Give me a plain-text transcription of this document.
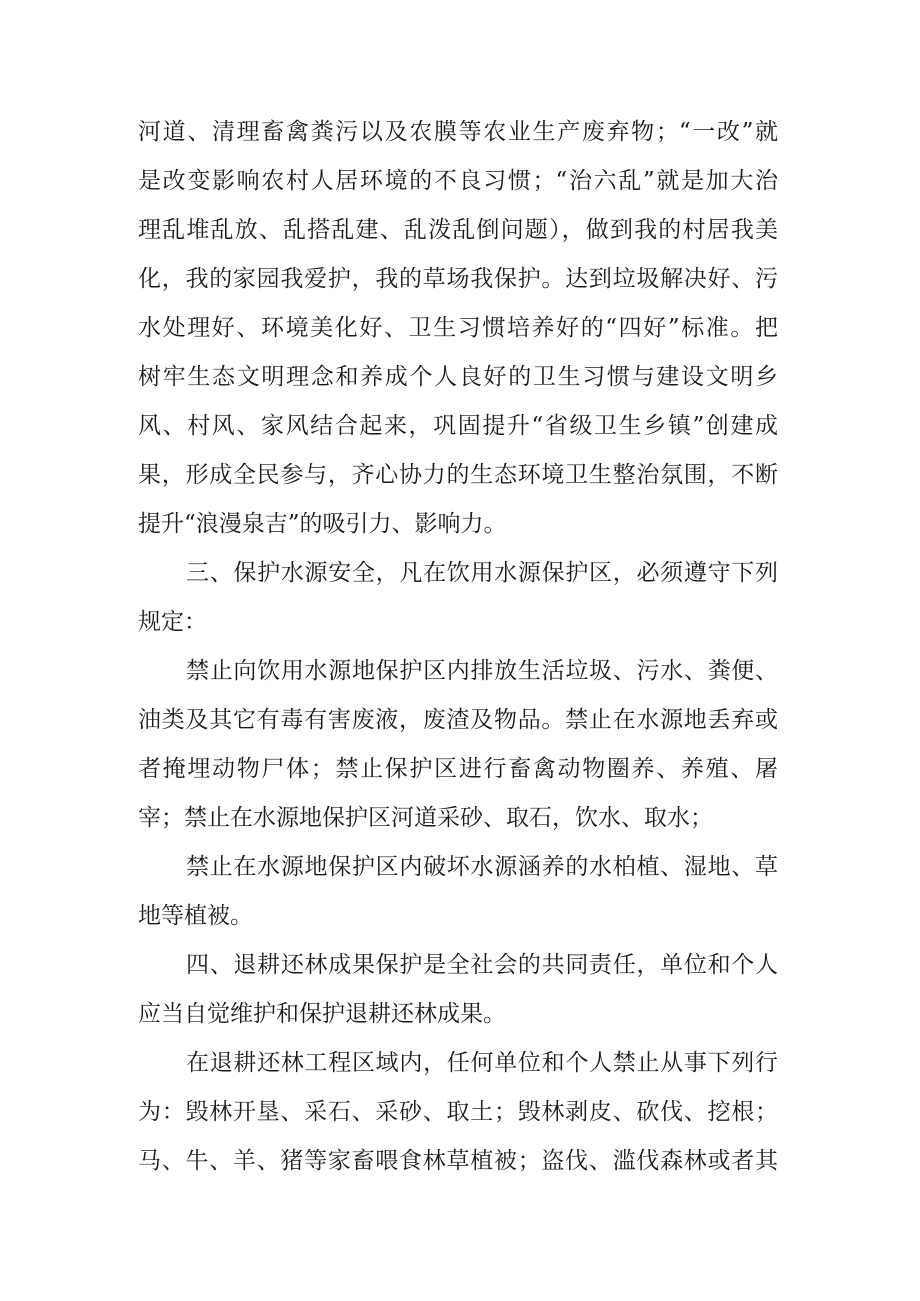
河道、清理畜禽粪污以及农膜等农业生产废弃物；“一改”就
是改变影响农村人居环境的不良习惯；“治六乱”就是加大治
理乱堆乱放、乱搭乱建、乱泼乱倒问题），做到我的村居我美
化，我的家园我爱护，我的草场我保护。达到垃圾解决好、污
水处理好、环境美化好、卫生习惯培养好的“四好”标准。把
树牢生态文明理念和养成个人良好的卫生习惯与建设文明乡
风、村风、家风结合起来，巩固提升“省级卫生乡镇”创建成
果，形成全民参与，齐心协力的生态环境卫生整治氛围，不断
提升“浪漫泉吉”的吸引力、影响力。
三、保护水源安全，凡在饮用水源保护区，必须遵守下列
规定：
禁止向饮用水源地保护区内排放生活垃圾、污水、粪便、
油类及其它有毒有害废液，废渣及物品。禁止在水源地丢弃或
者掩埋动物尸体；禁止保护区进行畜禽动物圈养、养殖、屠
宰；禁止在水源地保护区河道采砂、取石，饮水、取水；
禁止在水源地保护区内破坏水源涵养的水柏植、湿地、草
地等植被。
四、退耕还林成果保护是全社会的共同责任，单位和个人
应当自觉维护和保护退耕还林成果。
在退耕还林工程区域内，任何单位和个人禁止从事下列行
为：毁林开垦、采石、采砂、取土；毁林剥皮、砍伐、挖根；
马、牛、羊、猪等家畜喂食林草植被；盗伐、滥伐森林或者其
